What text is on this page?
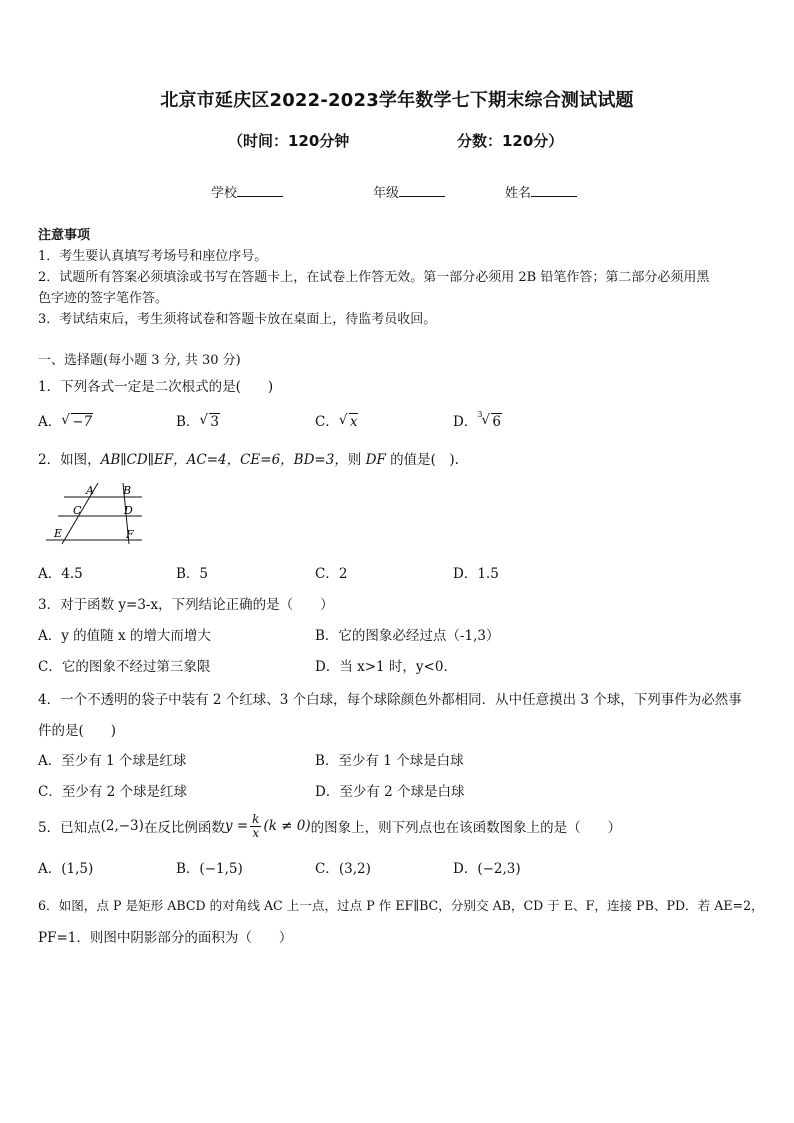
北京市延庆区2022-2023学年数学七下期末综合测试试题
（时间：120分钟	分数：120分）
学校	年级	姓名
注意事项
1．考生要认真填写考场号和座位序号。
2．试题所有答案必须填涂或书写在答题卡上，在试卷上作答无效。第一部分必须用 2B 铅笔作答；第二部分必须用黑
色字迹的签字笔作答。
3．考试结束后，考生须将试卷和答题卡放在桌面上，待监考员收回。
一、选择题(每小题 3 分, 共 30 分)
1．下列各式一定是二次根式的是(　　)
A． √ −7	B． √ 3	C． √ x	D． 3
√ 6
2．如图，AB∥CD∥EF，AC=4，CE=6，BD=3，则 DF 的值是(　).
A	B
C	D
E	F
A．4.5	B．5	C．2	D．1.5
3．对于函数 y=3-x，下列结论正确的是（　　）
A．y 的值随 x 的增大而增大	B．它的图象必经过点（-1,3）
C．它的图象不经过第三象限	D．当 x>1 时，y<0.
4．一个不透明的袋子中装有 2 个红球、3 个白球，每个球除颜色外都相同．从中任意摸出 3 个球，下列事件为必然事
件的是(　　)
A．至少有 1 个球是红球	B．至少有 1 个球是白球
C．至少有 2 个球是红球	D．至少有 2 个球是白球
5．已知点 (2,−3) 在反比例函数 $y = \frac{k}{x} (k \ne 0)$ 的图象上，则下列点也在该函数图象上的是（　　）
A．(1,5)	B．(−1,5)	C．(3,2)	D．(−2,3)
6．如图，点 P 是矩形 ABCD 的对角线 AC 上一点，过点 P 作 EF∥BC，分别交 AB，CD 于 E、F，连接 PB、PD．若 AE=2，
PF=1．则图中阴影部分的面积为（　　）
